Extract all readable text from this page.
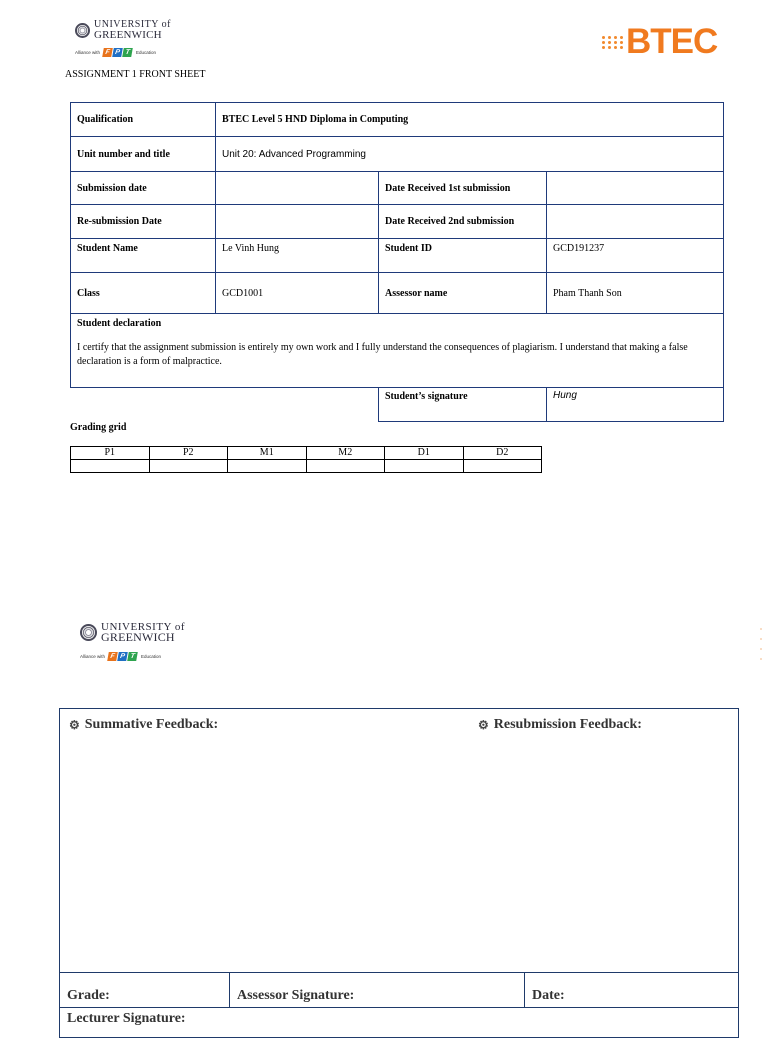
UNIVERSITY of
GREENWICH
Alliance with F P T	Education	BTEC
ASSIGNMENT 1 FRONT SHEET
Qualification	BTEC Level 5 HND Diploma in Computing		
Unit number and title	Unit 20: Advanced Programming		
Submission date		Date Received 1st submission	
Re-submission Date		Date Received 2nd submission	
Student Name	Le Vinh Hung	Student ID	GCD191237
Class	GCD1001	Assessor name	Pham Thanh Son

Student declaration
I certify that the assignment submission is entirely my own work and I fully understand the consequences of plagiarism. I understand that making a false declaration is a form of malpractice.			

		Student’s signature	Hung
Grading grid
P1	P2	M1	M2	D1	D2

UNIVERSITY of
GREENWICH
Alliance with F P T	Education
⚙ Summative Feedback:	⚙ Resubmission Feedback:
Grade:	Assessor Signature:	Date:
Lecturer Signature:
